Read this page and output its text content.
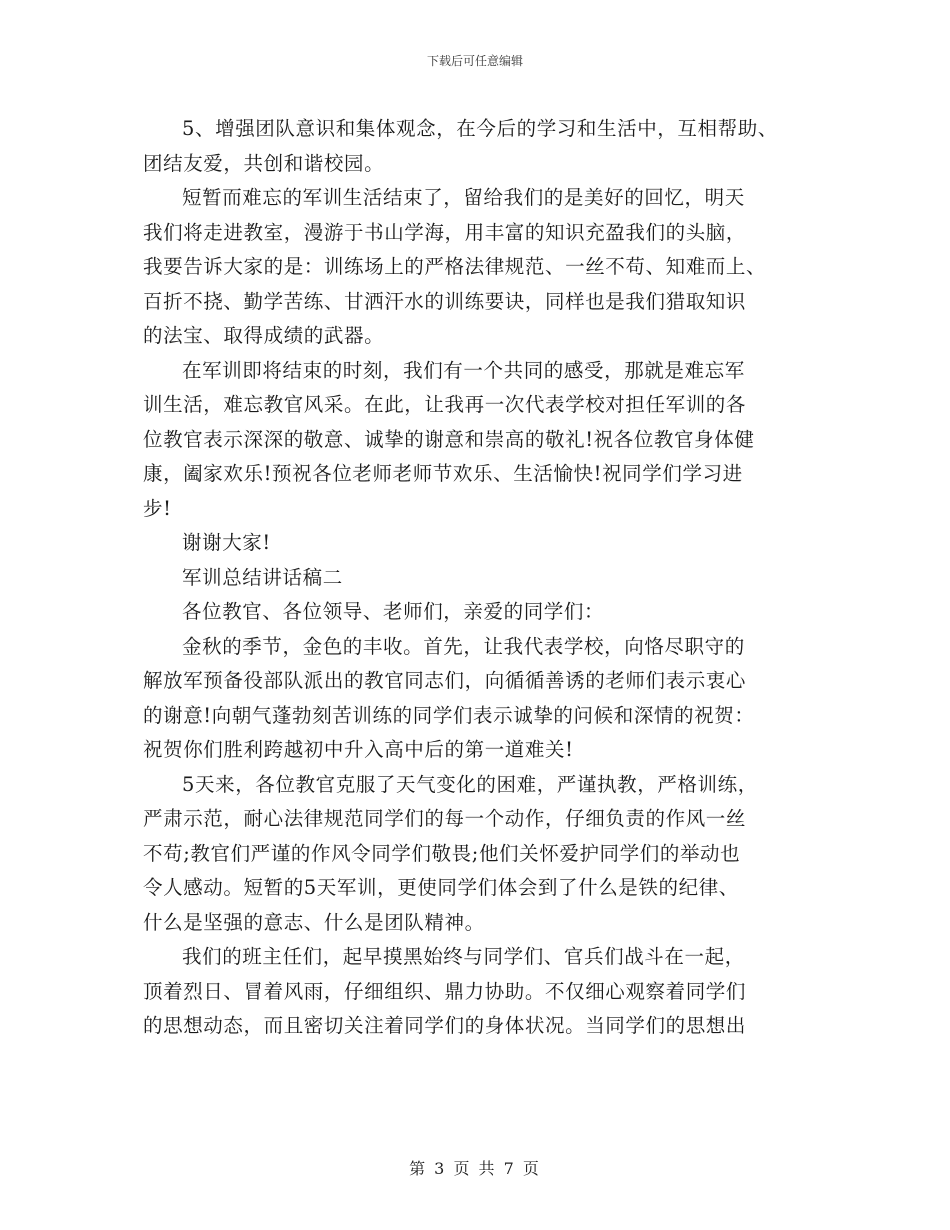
下载后可任意编辑
5、增强团队意识和集体观念，在今后的学习和生活中，互相帮助、
团结友爱，共创和谐校园。
短暂而难忘的军训生活结束了，留给我们的是美好的回忆，明天
我们将走进教室，漫游于书山学海，用丰富的知识充盈我们的头脑，
我要告诉大家的是：训练场上的严格法律规范、一丝不苟、知难而上、
百折不挠、勤学苦练、甘洒汗水的训练要诀，同样也是我们猎取知识
的法宝、取得成绩的武器。
在军训即将结束的时刻，我们有一个共同的感受，那就是难忘军
训生活，难忘教官风采。在此，让我再一次代表学校对担任军训的各
位教官表示深深的敬意、诚挚的谢意和崇高的敬礼!祝各位教官身体健
康，阖家欢乐!预祝各位老师老师节欢乐、生活愉快!祝同学们学习进
步!
谢谢大家!
军训总结讲话稿二
各位教官、各位领导、老师们，亲爱的同学们：
金秋的季节，金色的丰收。首先，让我代表学校，向恪尽职守的
解放军预备役部队派出的教官同志们，向循循善诱的老师们表示衷心
的谢意!向朝气蓬勃刻苦训练的同学们表示诚挚的问候和深情的祝贺：
祝贺你们胜利跨越初中升入高中后的第一道难关!
5天来，各位教官克服了天气变化的困难，严谨执教，严格训练，
严肃示范，耐心法律规范同学们的每一个动作，仔细负责的作风一丝
不苟;教官们严谨的作风令同学们敬畏;他们关怀爱护同学们的举动也
令人感动。短暂的5天军训，更使同学们体会到了什么是铁的纪律、
什么是坚强的意志、什么是团队精神。
我们的班主任们，起早摸黑始终与同学们、官兵们战斗在一起，
顶着烈日、冒着风雨，仔细组织、鼎力协助。不仅细心观察着同学们
的思想动态，而且密切关注着同学们的身体状况。当同学们的思想出
第 3 页 共 7 页
